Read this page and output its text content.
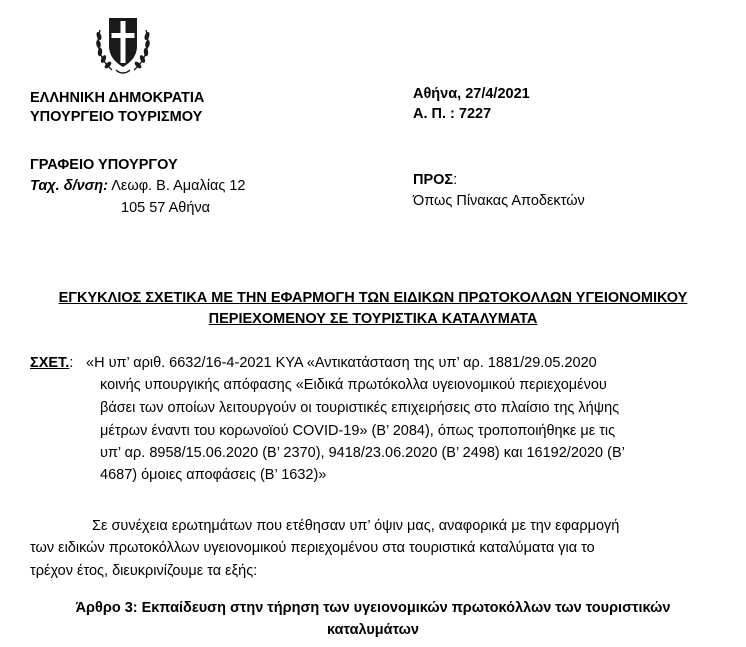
ΕΛΛΗΝΙΚΗ ΔΗΜΟΚΡΑΤΙΑ
ΥΠΟΥΡΓΕΙΟ ΤΟΥΡΙΣΜΟΥ
ΓΡΑΦΕΙΟ ΥΠΟΥΡΓΟΥ
Ταχ. δ/νση: Λεωφ. Β. Αμαλίας 12
105 57 Αθήνα
Αθήνα, 27/4/2021
Α. Π. : 7227
ΠΡΟΣ:
Όπως Πίνακας Αποδεκτών
ΕΓΚΥΚΛΙΟΣ ΣΧΕΤΙΚΑ ΜΕ ΤΗΝ ΕΦΑΡΜΟΓΗ ΤΩΝ ΕΙΔΙΚΩΝ ΠΡΩΤΟΚΟΛΛΩΝ ΥΓΕΙΟΝΟΜΙΚΟΥ
ΠΕΡΙΕΧΟΜΕΝΟΥ ΣΕ ΤΟΥΡΙΣΤΙΚΑ ΚΑΤΑΛΥΜΑΤΑ
ΣΧΕΤ.: «Η υπ’ αριθ. 6632/16-4-2021 ΚΥΑ «Αντικατάσταση της υπ’ αρ. 1881/29.05.2020
κοινής υπουργικής απόφασης «Ειδικά πρωτόκολλα υγειονομικού περιεχομένου
βάσει των οποίων λειτουργούν οι τουριστικές επιχειρήσεις στο πλαίσιο της λήψης
μέτρων έναντι του κορωνοϊού COVID-19» (Β’ 2084), όπως τροποποιήθηκε με τις
υπ’ αρ. 8958/15.06.2020 (Β’ 2370), 9418/23.06.2020 (Β’ 2498) και 16192/2020 (Β’
4687) όμοιες αποφάσεις (Β’ 1632)»
Σε συνέχεια ερωτημάτων που ετέθησαν υπ’ όψιν μας, αναφορικά με την εφαρμογή
των ειδικών πρωτοκόλλων υγειονομικού περιεχομένου στα τουριστικά καταλύματα για το
τρέχον έτος, διευκρινίζουμε τα εξής:
Άρθρο 3: Εκπαίδευση στην τήρηση των υγειονομικών πρωτοκόλλων των τουριστικών
καταλυμάτων
